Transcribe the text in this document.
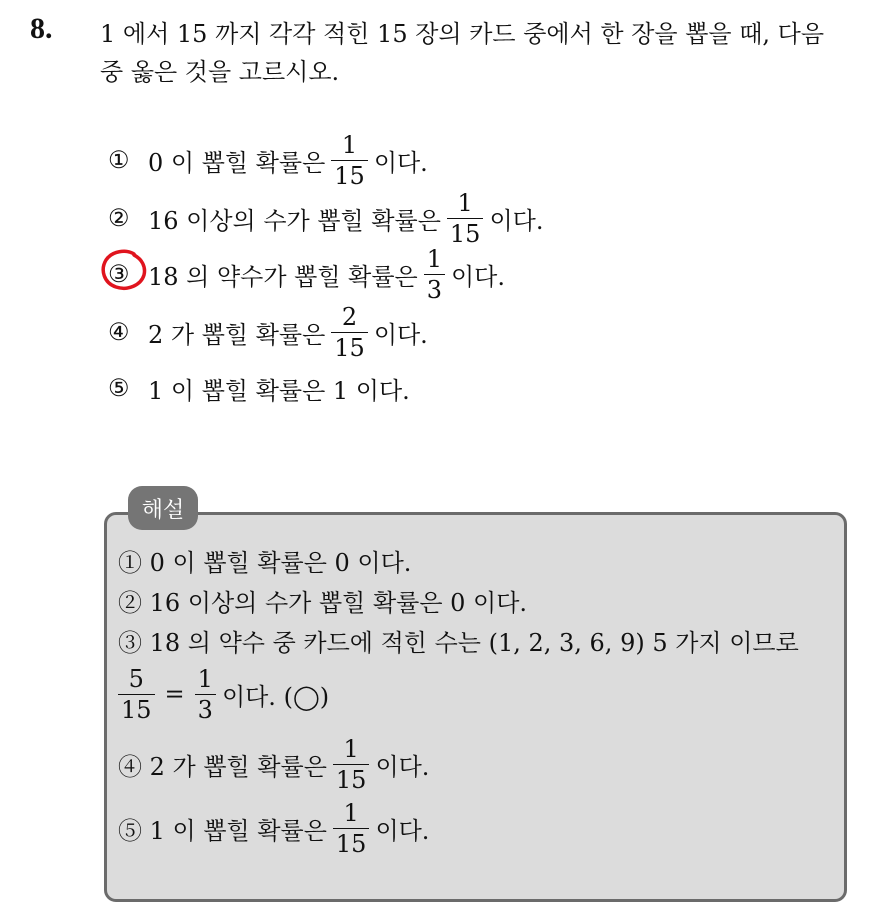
8. 1 에서 15 까지 각각 적힌 15 장의 카드 중에서 한 장을 뽑을 때, 다음
중 옳은 것을 고르시오.
① 0 이 뽑힐 확률은 $\frac{1}{15}$ 이다.
② 16 이상의 수가 뽑힐 확률은 $\frac{1}{15}$ 이다.
③ 18 의 약수가 뽑힐 확률은 $\frac{1}{3}$ 이다.
④ 2 가 뽑힐 확률은 $\frac{2}{15}$ 이다.
⑤ 1 이 뽑힐 확률은 1 이다.
해설
① 0 이 뽑힐 확률은 0 이다.
② 16 이상의 수가 뽑힐 확률은 0 이다.
③ 18 의 약수 중 카드에 적힌 수는 (1, 2, 3, 6, 9) 5 가지 이므로
$\frac{5}{15} = \frac{1}{3}$ 이다. (◯)
④ 2 가 뽑힐 확률은 $\frac{1}{15}$ 이다.
⑤ 1 이 뽑힐 확률은 $\frac{1}{15}$ 이다.
